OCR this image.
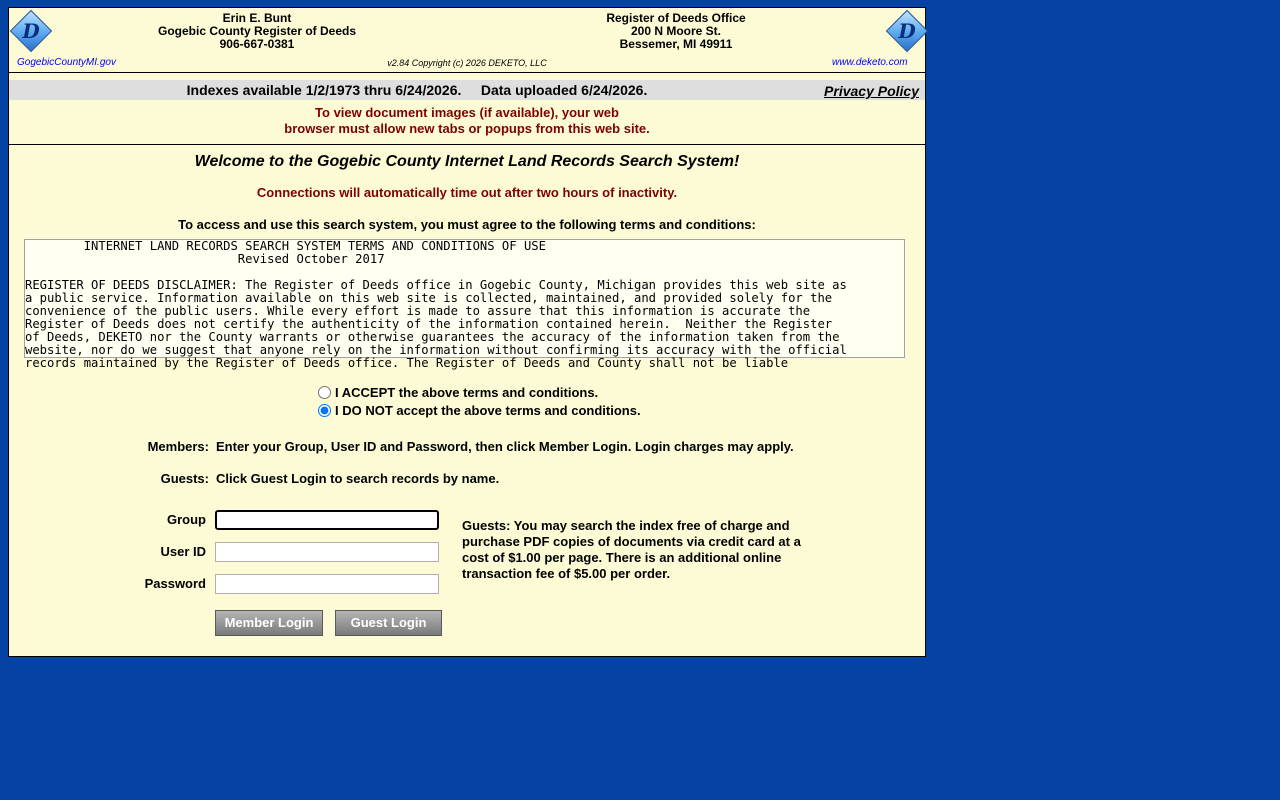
D
Erin E. Bunt
Gogebic County Register of Deeds
906-667-0381
Register of Deeds Office
200 N Moore St.
Bessemer, MI 49911
D
GogebicCountyMI.gov	v2.84 Copyright (c) 2026 DEKETO, LLC	www.deketo.com
Indexes available 1/2/1973 thru 6/24/2026. Data uploaded 6/24/2026.	Privacy Policy
To view document images (if available), your web
browser must allow new tabs or popups from this web site.
Welcome to the Gogebic County Internet Land Records Search System!
Connections will automatically time out after two hours of inactivity.
To access and use this search system, you must agree to the following terms and conditions:
INTERNET LAND RECORDS SEARCH SYSTEM TERMS AND CONDITIONS OF USE
Revised October 2017

REGISTER OF DEEDS DISCLAIMER: The Register of Deeds office in Gogebic County, Michigan provides this web site as
a public service. Information available on this web site is collected, maintained, and provided solely for the
convenience of the public users. While every effort is made to assure that this information is accurate the
Register of Deeds does not certify the authenticity of the information contained herein.  Neither the Register
of Deeds, DEKETO nor the County warrants or otherwise guarantees the accuracy of the information taken from the
website, nor do we suggest that anyone rely on the information without confirming its accuracy with the official
records maintained by the Register of Deeds office. The Register of Deeds and County shall not be liable
I ACCEPT the above terms and conditions.
I DO NOT accept the above terms and conditions.
Members: Enter your Group, User ID and Password, then click Member Login. Login charges may apply.
Guests: Click Guest Login to search records by name.
Group
User ID
Password
Member Login	Guest Login
Guests: You may search the index free of charge and purchase PDF copies of documents via credit card at a cost of $1.00 per page. There is an additional online transaction fee of $5.00 per order.
